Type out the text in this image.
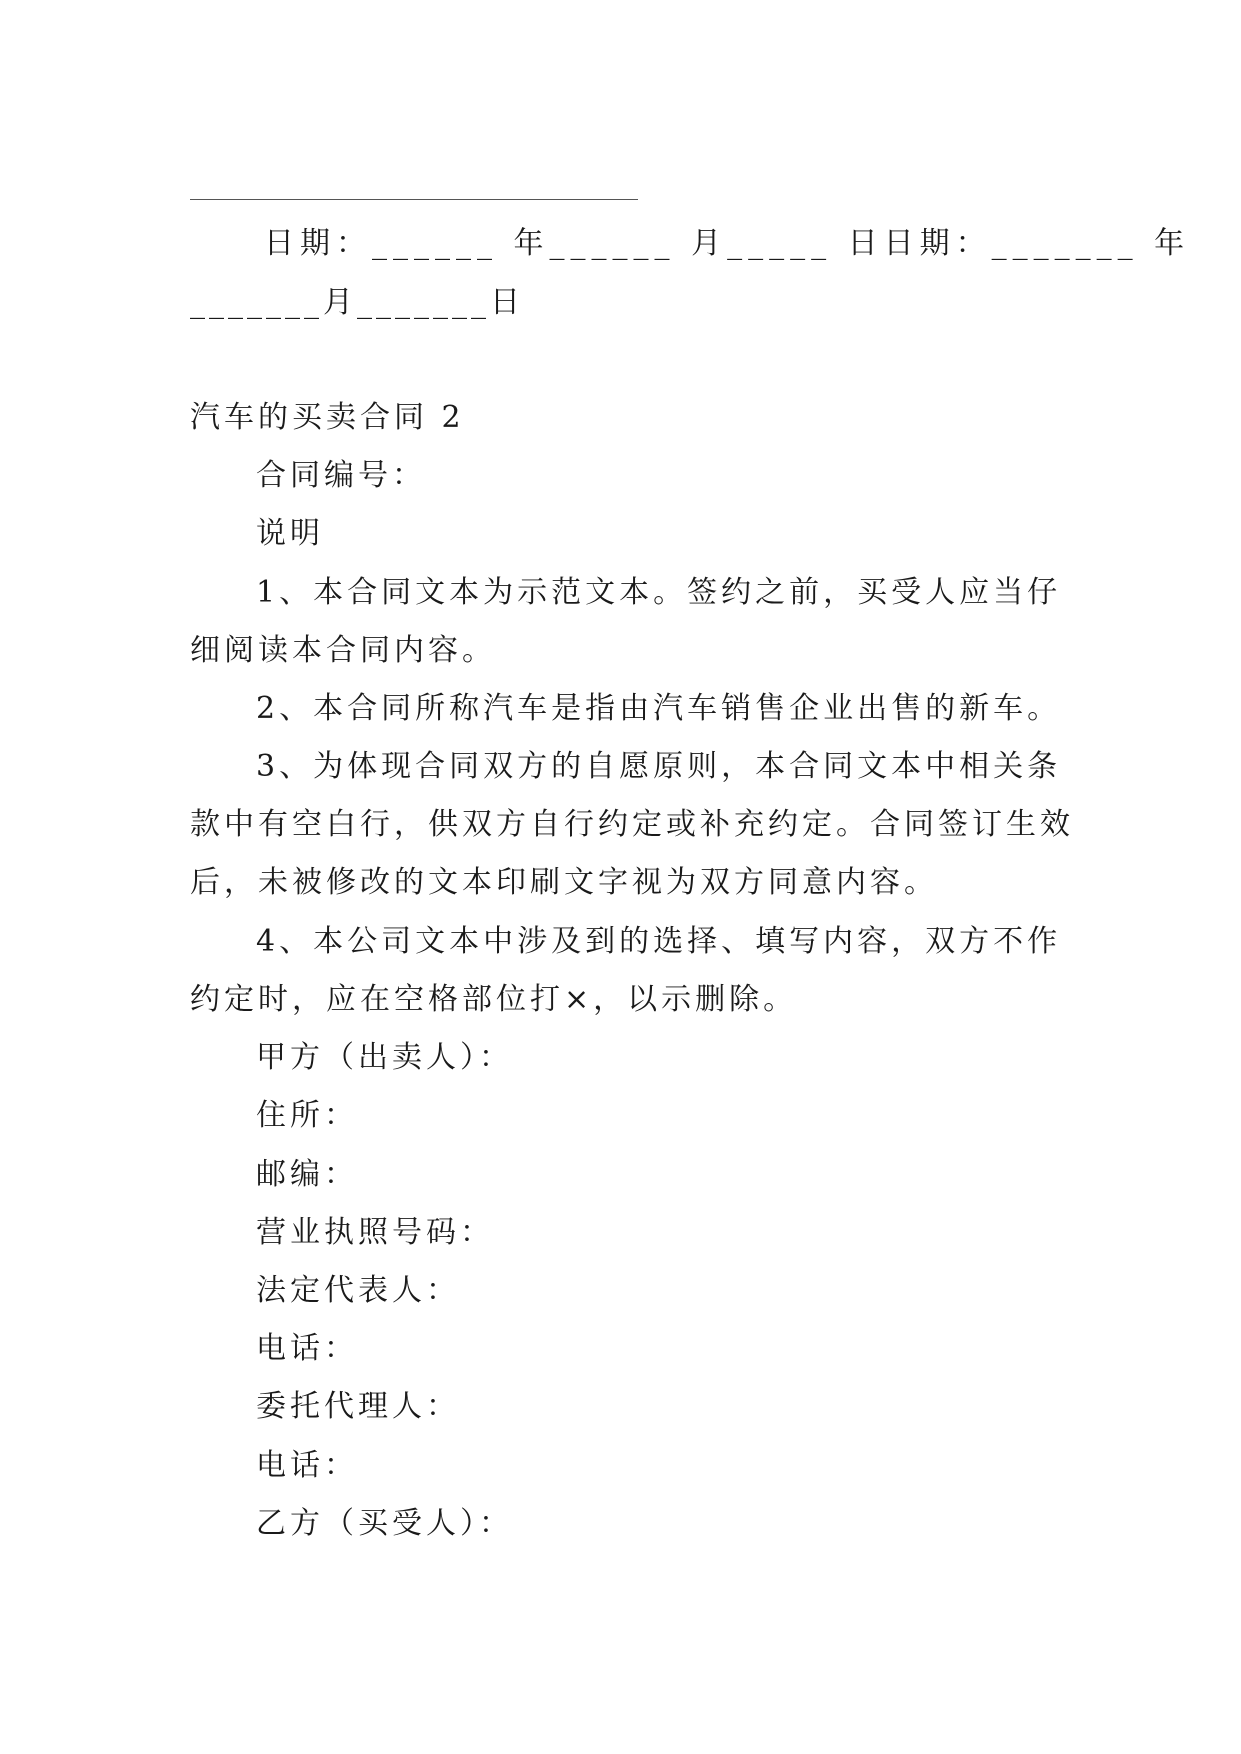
日期：______ 年______ 月_____ 日日期：_______ 年
_______月_______日
汽车的买卖合同 2
合同编号：
说明
1、本合同文本为示范文本。签约之前，买受人应当仔
细阅读本合同内容。
2、本合同所称汽车是指由汽车销售企业出售的新车。
3、为体现合同双方的自愿原则，本合同文本中相关条
款中有空白行，供双方自行约定或补充约定。合同签订生效
后，未被修改的文本印刷文字视为双方同意内容。
4、本公司文本中涉及到的选择、填写内容，双方不作
约定时，应在空格部位打×，以示删除。
甲方（出卖人）：
住所：
邮编：
营业执照号码：
法定代表人：
电话：
委托代理人：
电话：
乙方（买受人）：
